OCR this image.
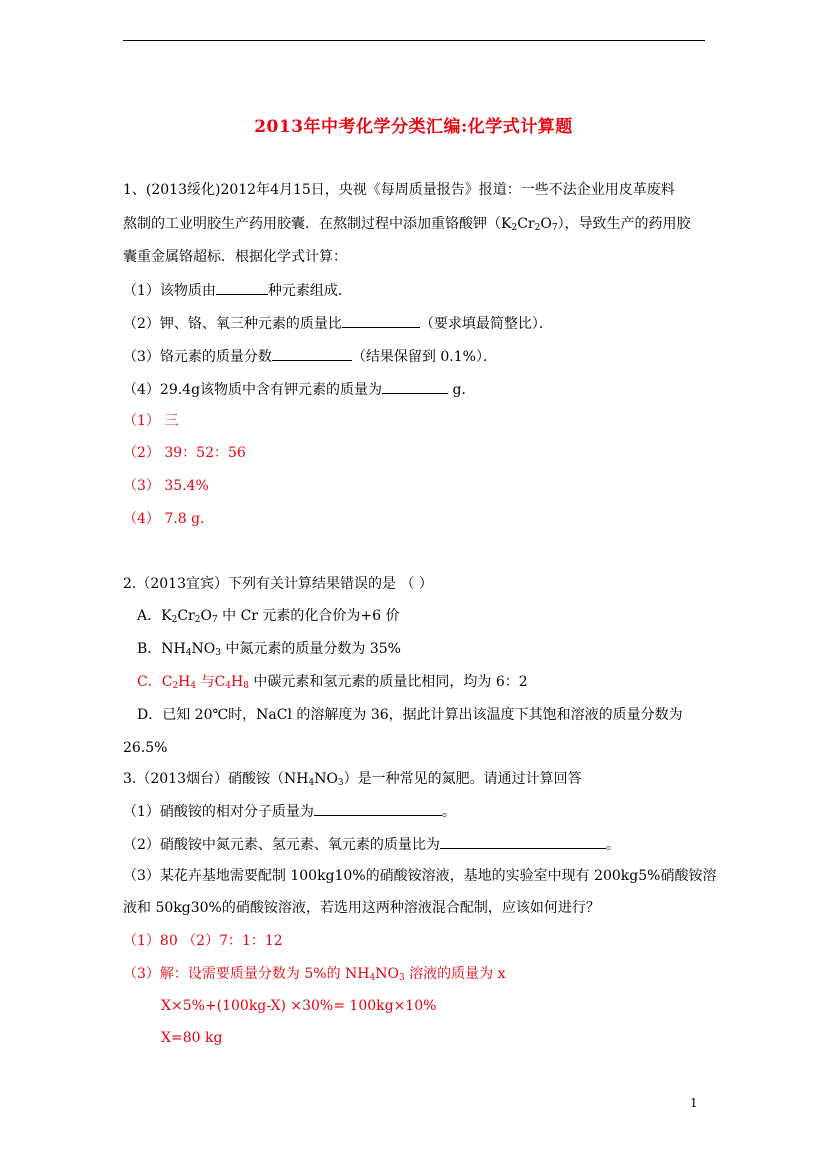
2013年中考化学分类汇编:化学式计算题
1、(2013绥化)2012年4月15日，央视《每周质量报告》报道：一些不法企业用皮革废料
熬制的工业明胶生产药用胶囊．在熬制过程中添加重铬酸钾$(K_2Cr_2O_7)$，导致生产的药用胶
囊重金属铬超标．根据化学式计算：
（1）该物质由	种元素组成．
（2）钾、铬、氧三种元素的质量比	（要求填最简整比）．
（3）铬元素的质量分数	（结果保留到 0.1%）．
（4）29.4g该物质中含有钾元素的质量为	g．
（1） 三
（2） 39：52：56
（3） 35.4%
（4） 7.8 g．
2.（2013宜宾）下列有关计算结果错误的是 （ ）
A．$K_2Cr_2O_7$ 中 Cr 元素的化合价为+6 价
B．$NH_4NO_3$ 中氮元素的质量分数为 35%
C．$C_2H_4$ 与$C_4H_8$ 中碳元素和氢元素的质量比相同，均为 6：2
D．已知 20℃时，NaCl 的溶解度为 36，据此计算出该温度下其饱和溶液的质量分数为
26.5%
3.（2013烟台）硝酸铵$(NH_4NO_3)$是一种常见的氮肥。请通过计算回答
（1）硝酸铵的相对分子质量为	。
（2）硝酸铵中氮元素、氢元素、氧元素的质量比为	。
（3）某花卉基地需要配制 100kg10%的硝酸铵溶液，基地的实验室中现有 200kg5%硝酸铵溶
液和 50kg30%的硝酸铵溶液，若选用这两种溶液混合配制，应该如何进行？
（1）80 （2）7：1：12
（3）解：设需要质量分数为 5%的 $NH_4NO_3$ 溶液的质量为 x
X×5%+(100kg-X) ×30%= 100kg×10%
X=80 kg
1
